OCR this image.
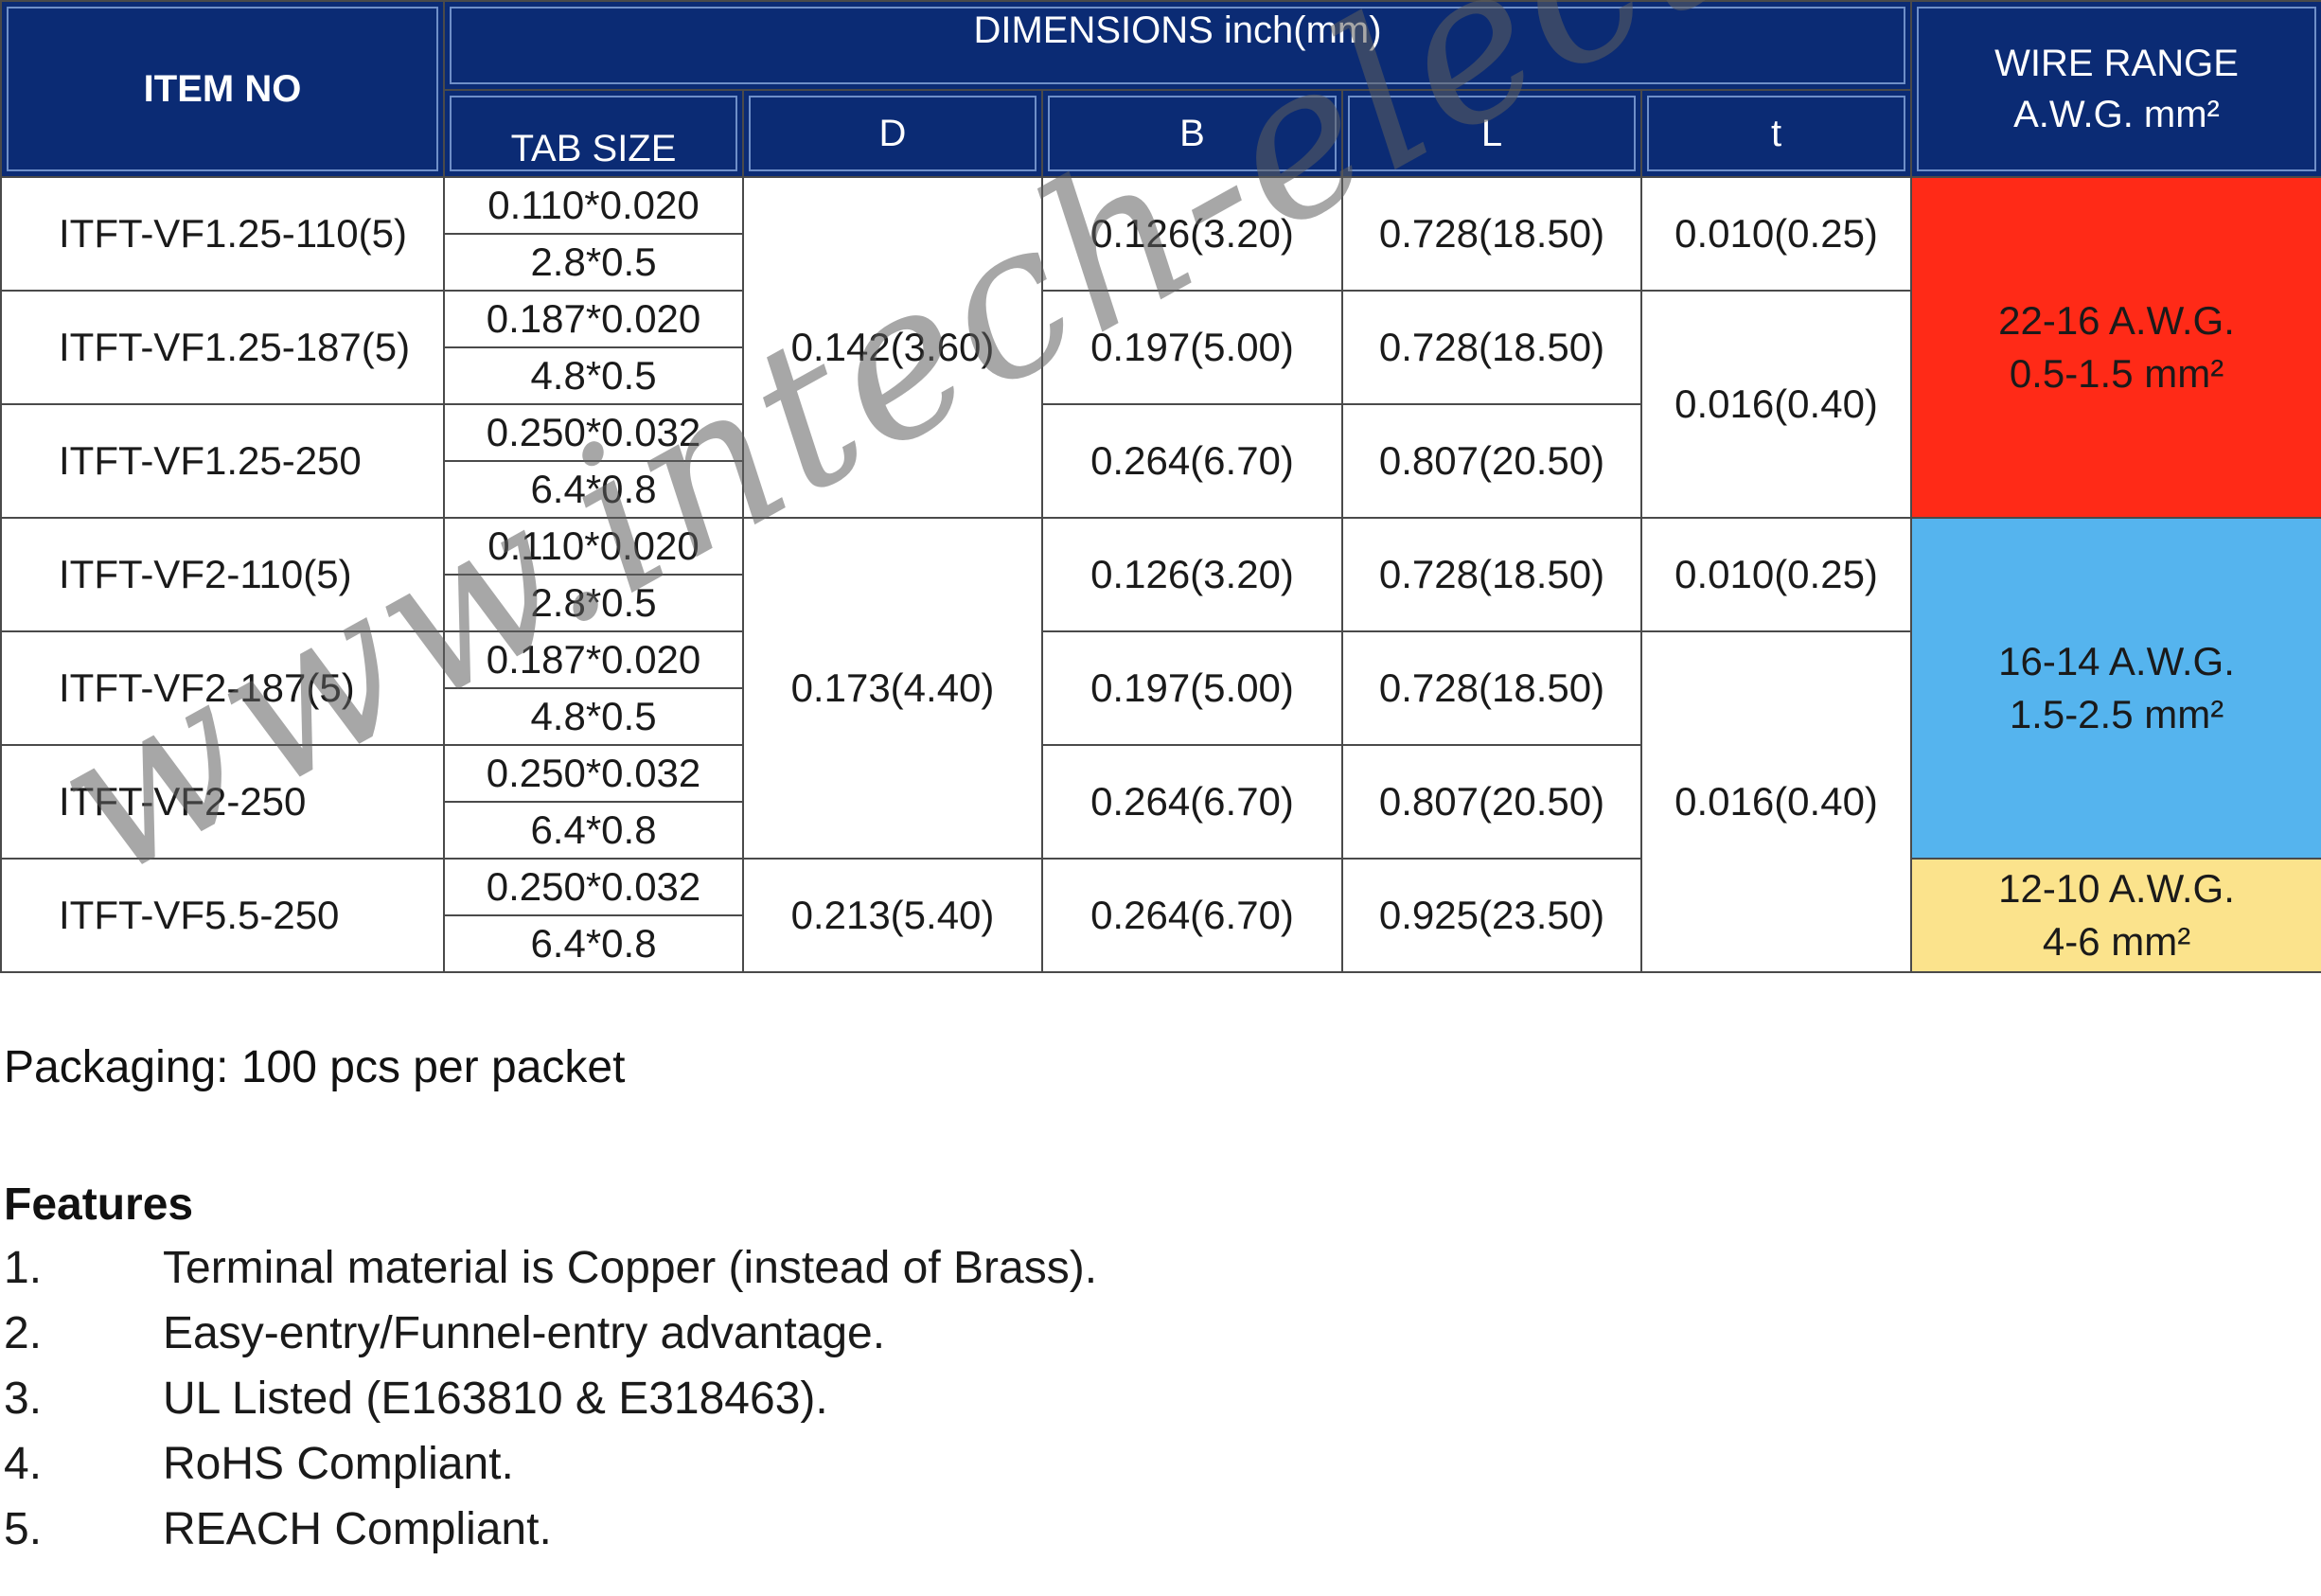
ITEM NO	DIMENSIONS inch(mm)					WIRE RANGE
A.W.G. mm²
	TAB SIZE	D	B	L	t	
ITFT-VF1.25-110(5)	0.110*0.020	0.142(3.60)	0.126(3.20)	0.728(18.50)	0.010(0.25)	22-16 A.W.G.
0.5-1.5 mm²
	2.8*0.5					
ITFT-VF1.25-187(5)	0.187*0.020		0.197(5.00)	0.728(18.50)	0.016(0.40)	
	4.8*0.5					
ITFT-VF1.25-250	0.250*0.032		0.264(6.70)	0.807(20.50)		
	6.4*0.8					
ITFT-VF2-110(5)	0.110*0.020	0.173(4.40)	0.126(3.20)	0.728(18.50)	0.010(0.25)	16-14 A.W.G.
1.5-2.5 mm²
	2.8*0.5					
ITFT-VF2-187(5)	0.187*0.020		0.197(5.00)	0.728(18.50)	0.016(0.40)	
	4.8*0.5					
ITFT-VF2-250	0.250*0.032		0.264(6.70)	0.807(20.50)		
	6.4*0.8					
ITFT-VF5.5-250	0.250*0.032	0.213(5.40)	0.264(6.70)	0.925(23.50)		12-10 A.W.G.
4-6 mm²
	6.4*0.8					
Packaging: 100 pcs per packet
Features
1.	Terminal material is Copper (instead of Brass).
2.	Easy-entry/Funnel-entry advantage.
3.	UL Listed (E163810 & E318463).
4.	RoHS Compliant.
5.	REACH Compliant.
